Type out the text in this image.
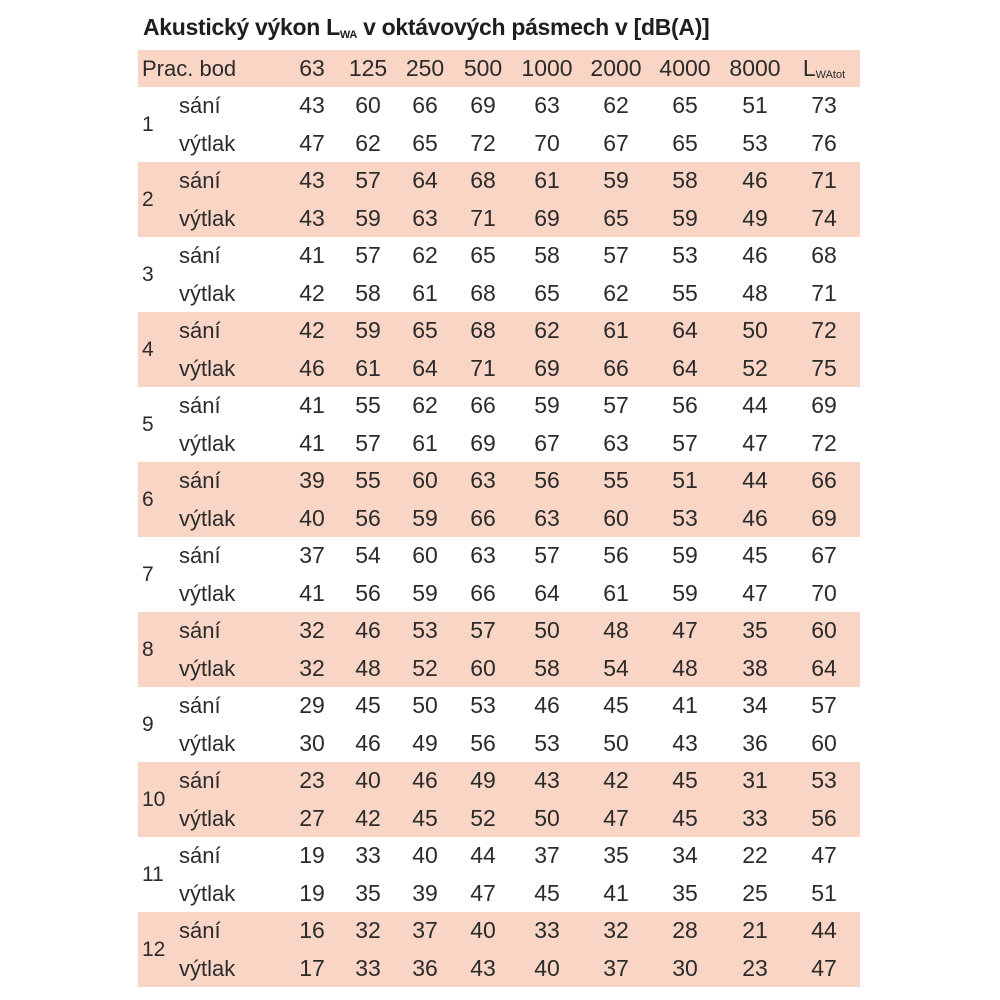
Akustický výkon $L_{WA}$ v oktávových pásmech v [dB(A)]
Prac. bod	63	125 250 500 1000 2000 4000 8000 LWAtot
1
sání	43	60	66	69	63	62	65	51	73
výtlak	47	62	65	72	70	67	65	53	76
2
sání	43	57	64	68	61	59	58	46	71
výtlak	43	59	63	71	69	65	59	49	74
3
sání	41	57	62	65	58	57	53	46	68
výtlak	42	58	61	68	65	62	55	48	71
4
sání	42	59	65	68	62	61	64	50	72
výtlak	46	61	64	71	69	66	64	52	75
5
sání	41	55	62	66	59	57	56	44	69
výtlak	41	57	61	69	67	63	57	47	72
6
sání	39	55	60	63	56	55	51	44	66
výtlak	40	56	59	66	63	60	53	46	69
7
sání	37	54	60	63	57	56	59	45	67
výtlak	41	56	59	66	64	61	59	47	70
8
sání	32	46	53	57	50	48	47	35	60
výtlak	32	48	52	60	58	54	48	38	64
9
sání	29	45	50	53	46	45	41	34	57
výtlak	30	46	49	56	53	50	43	36	60
10
sání	23	40	46	49	43	42	45	31	53
výtlak	27	42	45	52	50	47	45	33	56
11
sání	19	33	40	44	37	35	34	22	47
výtlak	19	35	39	47	45	41	35	25	51
12
sání	16	32	37	40	33	32	28	21	44
výtlak	17	33	36	43	40	37	30	23	47
